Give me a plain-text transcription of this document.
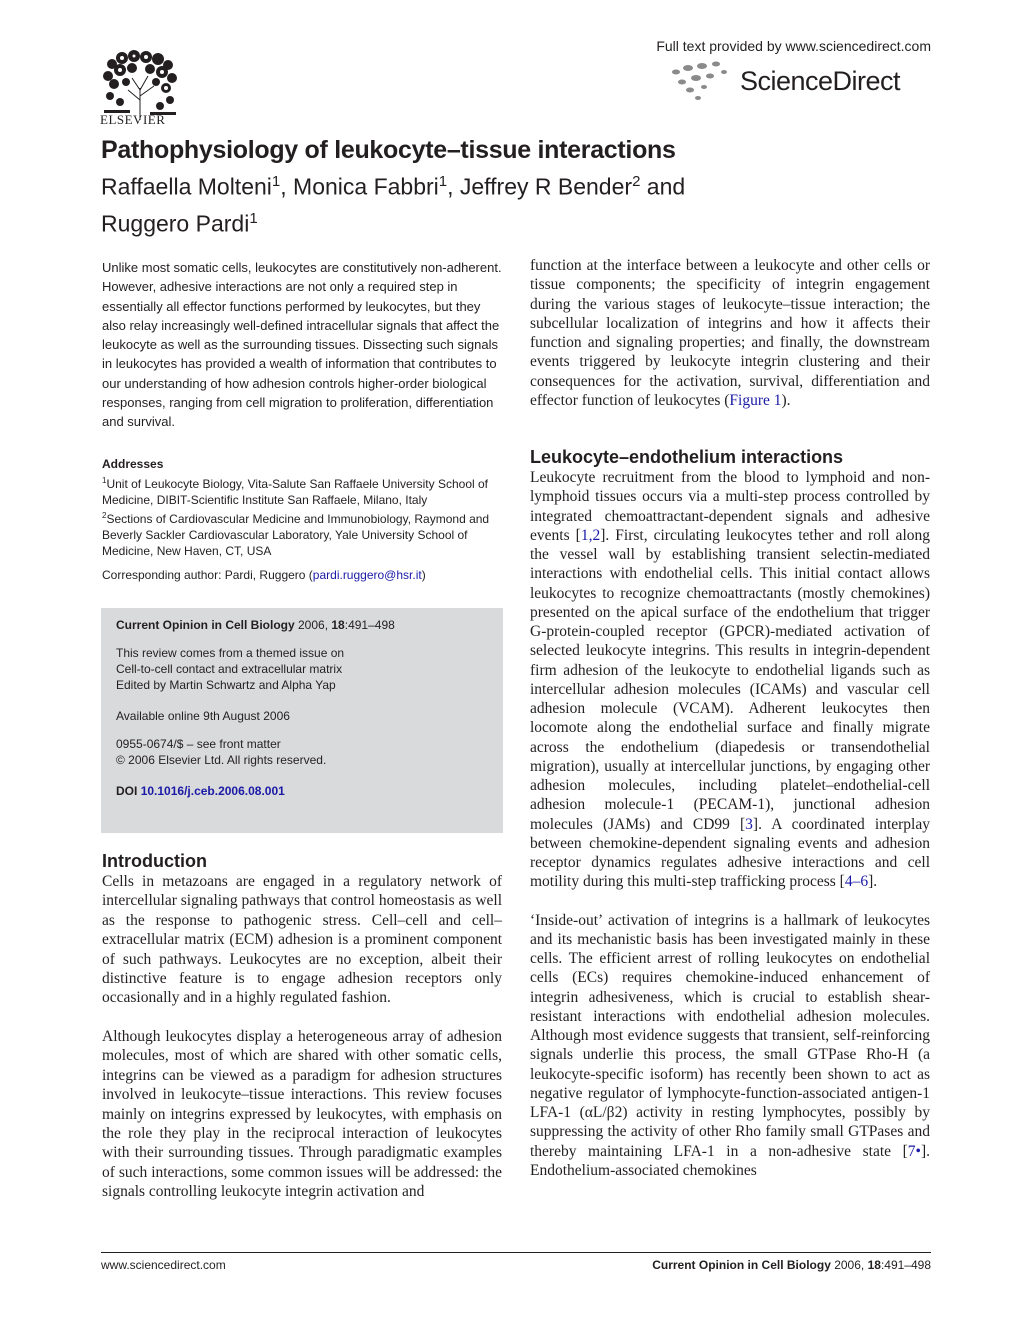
ELSEVIER
Full text provided by www.sciencedirect.com
ScienceDirect
Pathophysiology of leukocyte–tissue interactions
Raffaella Molteni$^1$, Monica Fabbri$^1$, Jeffrey R Bender$^2$ and
Ruggero Pardi$^1$
Unlike most somatic cells, leukocytes are constitutively non-adherent. However, adhesive interactions are not only a required step in essentially all effector functions performed by leukocytes, but they also relay increasingly well-defined intracellular signals that affect the leukocyte as well as the surrounding tissues. Dissecting such signals in leukocytes has provided a wealth of information that contributes to our understanding of how adhesion controls higher-order biological responses, ranging from cell migration to proliferation, differentiation and survival.
Addresses
$^1$Unit of Leukocyte Biology, Vita-Salute San Raffaele University School of Medicine, DIBIT-Scientific Institute San Raffaele, Milano, Italy
$^2$Sections of Cardiovascular Medicine and Immunobiology, Raymond and Beverly Sackler Cardiovascular Laboratory, Yale University School of Medicine, New Haven, CT, USA
Corresponding author: Pardi, Ruggero (pardi.ruggero@hsr.it)
Current Opinion in Cell Biology 2006, 18:491–498
This review comes from a themed issue on
Cell-to-cell contact and extracellular matrix
Edited by Martin Schwartz and Alpha Yap
Available online 9th August 2006
0955-0674/$ – see front matter
© 2006 Elsevier Ltd. All rights reserved.
DOI 10.1016/j.ceb.2006.08.001
Introduction

Cells in metazoans are engaged in a regulatory network of intercellular signaling pathways that control homeostasis as well as the response to pathogenic stress. Cell–cell and cell–extracellular matrix (ECM) adhesion is a prominent component of such pathways. Leukocytes are no exception, albeit their distinctive feature is to engage adhesion receptors only occasionally and in a highly regulated fashion.

Although leukocytes display a heterogeneous array of adhesion molecules, most of which are shared with other somatic cells, integrins can be viewed as a paradigm for adhesion structures involved in leukocyte–tissue interactions. This review focuses mainly on integrins expressed by leukocytes, with emphasis on the role they play in the reciprocal interaction of leukocytes with their surrounding tissues. Through paradigmatic examples of such interactions, some common issues will be addressed: the signals controlling leukocyte integrin activation and

function at the interface between a leukocyte and other cells or tissue components; the specificity of integrin engagement during the various stages of leukocyte–tissue interaction; the subcellular localization of integrins and how it affects their function and signaling properties; and finally, the downstream events triggered by leukocyte integrin clustering and their consequences for the activation, survival, differentiation and effector function of leukocytes (Figure 1).
Leukocyte–endothelium interactions

Leukocyte recruitment from the blood to lymphoid and non-lymphoid tissues occurs via a multi-step process controlled by integrated chemoattractant-dependent signals and adhesive events [1,2]. First, circulating leukocytes tether and roll along the vessel wall by establishing transient selectin-mediated interactions with endothelial cells. This initial contact allows leukocytes to recognize chemoattractants (mostly chemokines) presented on the apical surface of the endothelium that trigger G-protein-coupled receptor (GPCR)-mediated activation of selected leukocyte integrins. This results in integrin-dependent firm adhesion of the leukocyte to endothelial ligands such as intercellular adhesion molecules (ICAMs) and vascular cell adhesion molecule (VCAM). Adherent leukocytes then locomote along the endothelial surface and finally migrate across the endothelium (diapedesis or transendothelial migration), usually at intercellular junctions, by engaging other adhesion molecules, including platelet–endothelial-cell adhesion molecule-1 (PECAM-1), junctional adhesion molecules (JAMs) and CD99 [3]. A coordinated interplay between chemokine-dependent signaling events and adhesion receptor dynamics regulates adhesive interactions and cell motility during this multi-step trafficking process [4–6].

‘Inside-out’ activation of integrins is a hallmark of leukocytes and its mechanistic basis has been investigated mainly in these cells. The efficient arrest of rolling leukocytes on endothelial cells (ECs) requires chemokine-induced enhancement of integrin adhesiveness, which is crucial to establish shear-resistant interactions with endothelial adhesion molecules. Although most evidence suggests that transient, self-reinforcing signals underlie this process, the small GTPase Rho-H (a leukocyte-specific isoform) has recently been shown to act as negative regulator of lymphocyte-function-associated antigen-1 LFA-1 (αL/β2) activity in resting lymphocytes, possibly by suppressing the activity of other Rho family small GTPases and thereby maintaining LFA-1 in a non-adhesive state [7•]. Endothelium-associated chemokines

www.sciencedirect.com	Current Opinion in Cell Biology 2006, 18:491–498
